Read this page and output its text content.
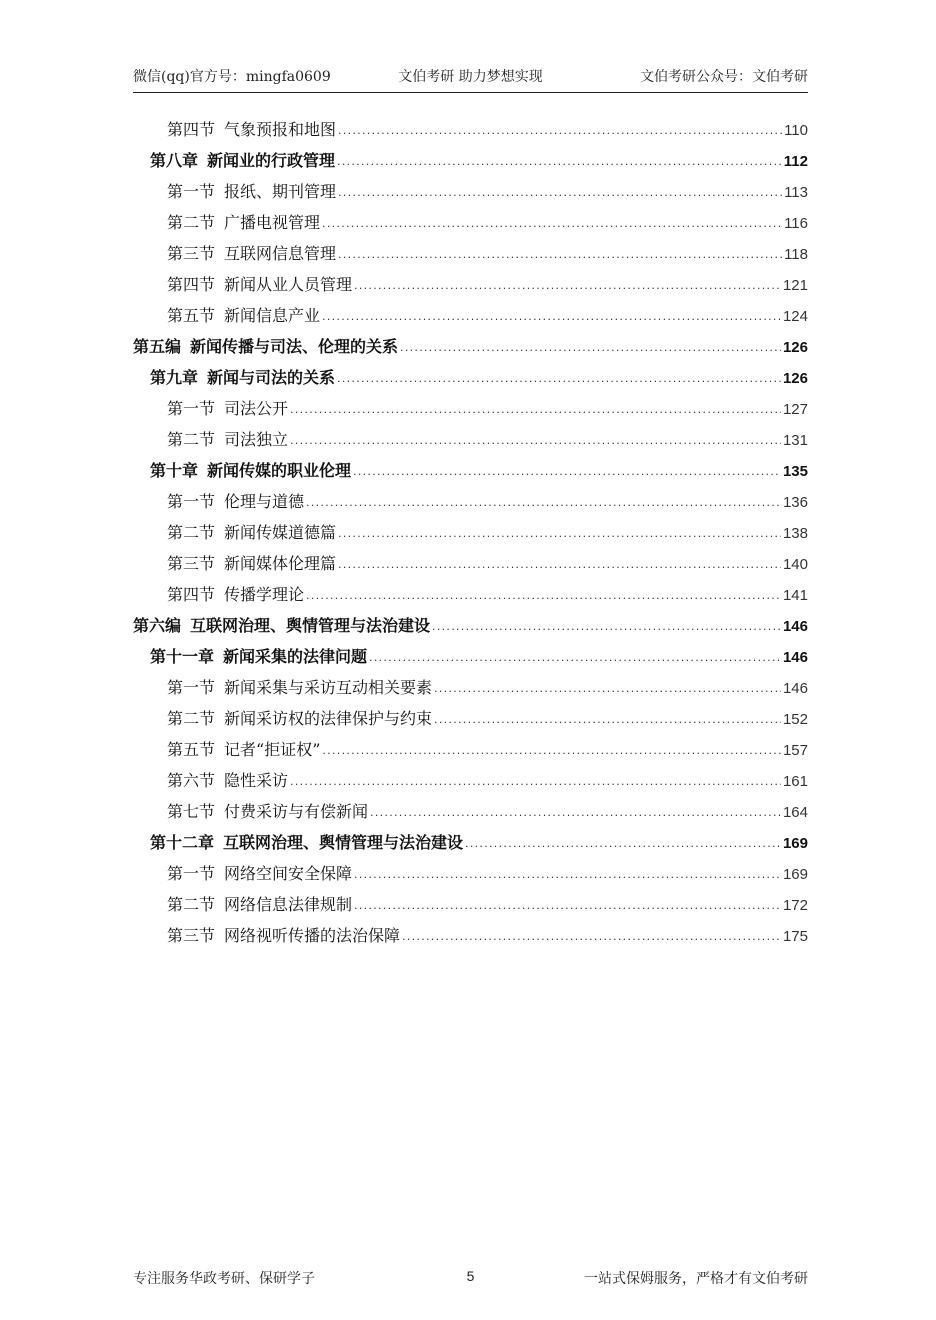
微信(qq)官方号：mingfa0609	文伯考研 助力梦想实现	文伯考研公众号：文伯考研
第四节 气象预报和地图 .....	110
第八章 新闻业的行政管理 .....	112
第一节 报纸、期刊管理 .....	113
第二节 广播电视管理 .....	116
第三节 互联网信息管理 .....	118
第四节 新闻从业人员管理 .....	121
第五节 新闻信息产业 .....	124
第五编 新闻传播与司法、伦理的关系 .....	126
第九章 新闻与司法的关系 .....	126
第一节 司法公开 .....	127
第二节 司法独立 .....	131
第十章 新闻传媒的职业伦理 .....	135
第一节 伦理与道德 .....	136
第二节 新闻传媒道德篇 .....	138
第三节 新闻媒体伦理篇 .....	140
第四节 传播学理论 .....	141
第六编 互联网治理、舆情管理与法治建设 .....	146
第十一章 新闻采集的法律问题 .....	146
第一节 新闻采集与采访互动相关要素 .....	146
第二节 新闻采访权的法律保护与约束 .....	152
第五节 记者“拒证权” .....	157
第六节 隐性采访 .....	161
第七节 付费采访与有偿新闻 .....	164
第十二章 互联网治理、舆情管理与法治建设 .....	169
第一节 网络空间安全保障 .....	169
第二节 网络信息法律规制 .....	172
第三节 网络视听传播的法治保障 .....	175
专注服务华政考研、保研学子	5	一站式保姆服务，严格才有文伯考研
